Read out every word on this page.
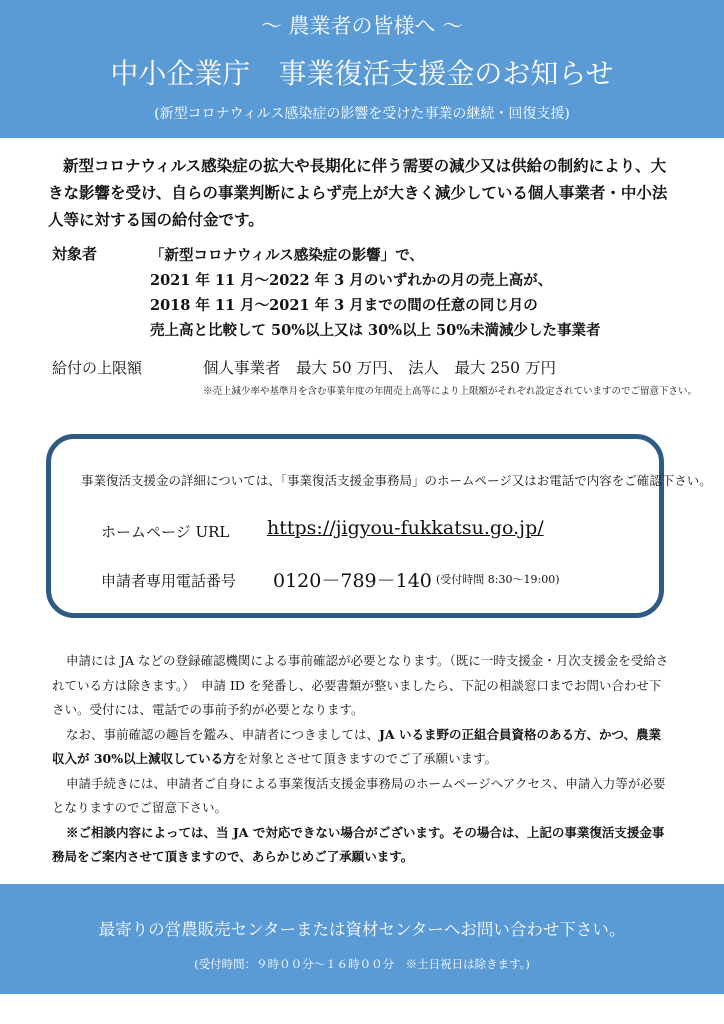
～ 農業者の皆様へ ～
中小企業庁　事業復活支援金のお知らせ
(新型コロナウィルス感染症の影響を受けた事業の継続・回復支援)
新型コロナウィルス感染症の拡大や長期化に伴う需要の減少又は供給の制約により、大きな影響を受け、自らの事業判断によらず売上が大きく減少している個人事業者・中小法人等に対する国の給付金です。
対象者	「新型コロナウィルス感染症の影響」で、
2021 年 11 月～2022 年 3 月のいずれかの月の売上高が、
2018 年 11 月～2021 年 3 月までの間の任意の同じ月の
売上高と比較して 50%以上又は 30%以上 50%未満減少した事業者
給付の上限額	個人事業者　最大 50 万円、 法人　最大 250 万円
※売上減少率や基準月を含む事業年度の年間売上高等により上限額がそれぞれ設定されていますのでご留意下さい。
事業復活支援金の詳細については、「事業復活支援金事務局」のホームページ又はお電話で内容をご確認下さい。
ホームページ URL https://jigyou-fukkatsu.go.jp/
申請者専用電話番号 0120－789－140 (受付時間 8:30～19:00)

申請には JA などの登録確認機関による事前確認が必要となります。（既に一時支援金・月次支援金を受給されている方は除きます。）　申請 ID を発番し、必要書類が整いましたら、下記の相談窓口までお問い合わせ下さい。受付には、電話での事前予約が必要となります。

なお、事前確認の趣旨を鑑み、申請者につきましては、JA いるま野の正組合員資格のある方、かつ、農業収入が 30%以上減収している方を対象とさせて頂きますのでご了承願います。

申請手続きには、申請者ご自身による事業復活支援金事務局のホームページへアクセス、申請入力等が必要となりますのでご留意下さい。

※ご相談内容によっては、当 JA で対応できない場合がございます。その場合は、上記の事業復活支援金事務局をご案内させて頂きますので、あらかじめご了承願います。

最寄りの営農販売センターまたは資材センターへお問い合わせ下さい。
(受付時間：９時００分～１６時００分　※土日祝日は除きます。)
